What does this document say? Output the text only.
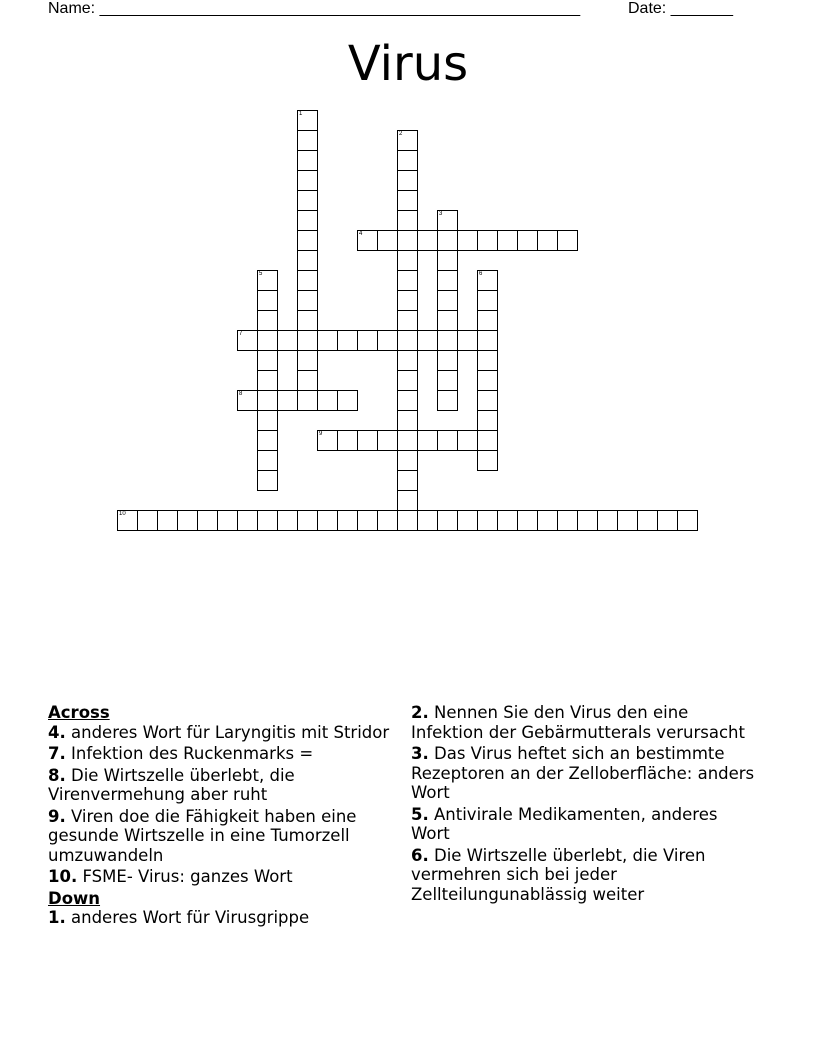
Name: ______________________________________________________	Date: _______
Virus
1
2
3
4
5	6
7
8
9
10
Across
4. anderes Wort für Laryngitis mit Stridor
7. Infektion des Ruckenmarks =
8. Die Wirtszelle überlebt, die Virenvermehung aber ruht
9. Viren doe die Fähigkeit haben eine gesunde Wirtszelle in eine Tumorzell umzuwandeln
10. FSME- Virus: ganzes Wort
Down
1. anderes Wort für Virusgrippe
2. Nennen Sie den Virus den eine Infektion der Gebärmutterals verursacht
3. Das Virus heftet sich an bestimmte Rezeptoren an der Zelloberfläche: anders Wort
5. Antivirale Medikamenten, anderes Wort
6. Die Wirtszelle überlebt, die Viren vermehren sich bei jeder Zellteilungunablässig weiter
